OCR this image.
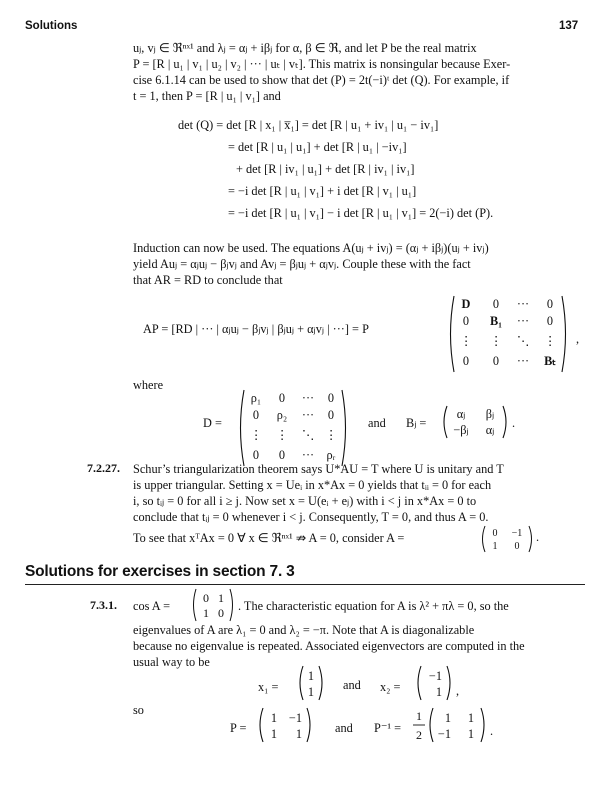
Solutions	137
uⱼ, vⱼ ∈ ℜⁿˣ¹ and λⱼ = αⱼ + iβⱼ for α, β ∈ ℜ, and let P be the real matrix
P = [R | u₁ | v₁ | u₂ | v₂ | ··· | uₜ | vₜ]. This matrix is nonsingular because Exer-
cise 6.1.14 can be used to show that det (P) = 2t(−i)ᵗ det (Q). For example, if
t = 1, then P = [R | u₁ | v₁] and
det (Q) = det [R | x₁ | x̅₁] = det [R | u₁ + iv₁ | u₁ − iv₁]
= det [R | u₁ | u₁] + det [R | u₁ | −iv₁]
+ det [R | iv₁ | u₁] + det [R | iv₁ | iv₁]
= −i det [R | u₁ | v₁] + i det [R | v₁ | u₁]
= −i det [R | u₁ | v₁] − i det [R | u₁ | v₁] = 2(−i) det (P).
Induction can now be used. The equations A(uⱼ + ivⱼ) = (αⱼ + iβⱼ)(uⱼ + ivⱼ)
yield Auⱼ = αⱼuⱼ − βⱼvⱼ and Avⱼ = βⱼuⱼ + αⱼvⱼ. Couple these with the fact
that AR = RD to conclude that
AP = [RD | ··· | αⱼuⱼ − βⱼvⱼ | βⱼuⱼ + αⱼvⱼ | ···] = P
D 0 ··· 0
0 B₁ ··· 0
⋮ ⋮ ⋱ ⋮
0 0 ··· Bₜ
,
where
D =
ρ₁ 0 ··· 0
0 ρ₂ ··· 0
⋮ ⋮ ⋱ ⋮
0 0 ··· ρᵣ
and Bⱼ =
αⱼ βⱼ
−βⱼ αⱼ .
7.2.27. Schur’s triangularization theorem says U*AU = T where U is unitary and T
is upper triangular. Setting x = Ueᵢ in x*Ax = 0 yields that tᵢᵢ = 0 for each
i, so tᵢⱼ = 0 for all i ≥ j. Now set x = U(eᵢ + eⱼ) with i < j in x*Ax = 0 to
conclude that tᵢⱼ = 0 whenever i < j. Consequently, T = 0, and thus A = 0.
To see that xᵀAx = 0 ∀ x ∈ ℜⁿˣ¹ ⇏ A = 0, consider A =	0 −1
1 0
.
Solutions for exercises in section 7. 3
7.3.1. cos A =
0 1
1 0 . The characteristic equation for A is λ² + πλ = 0, so the
eigenvalues of A are λ₁ = 0 and λ₂ = −π. Note that A is diagonalizable
because no eigenvalue is repeated. Associated eigenvectors are computed in the
usual way to be
x₁ =
1
1 and x₂ =
−1
1 ,
so
P =
1 −1
1 1	and P⁻¹ =
1
2
1 1
−1 1 .
